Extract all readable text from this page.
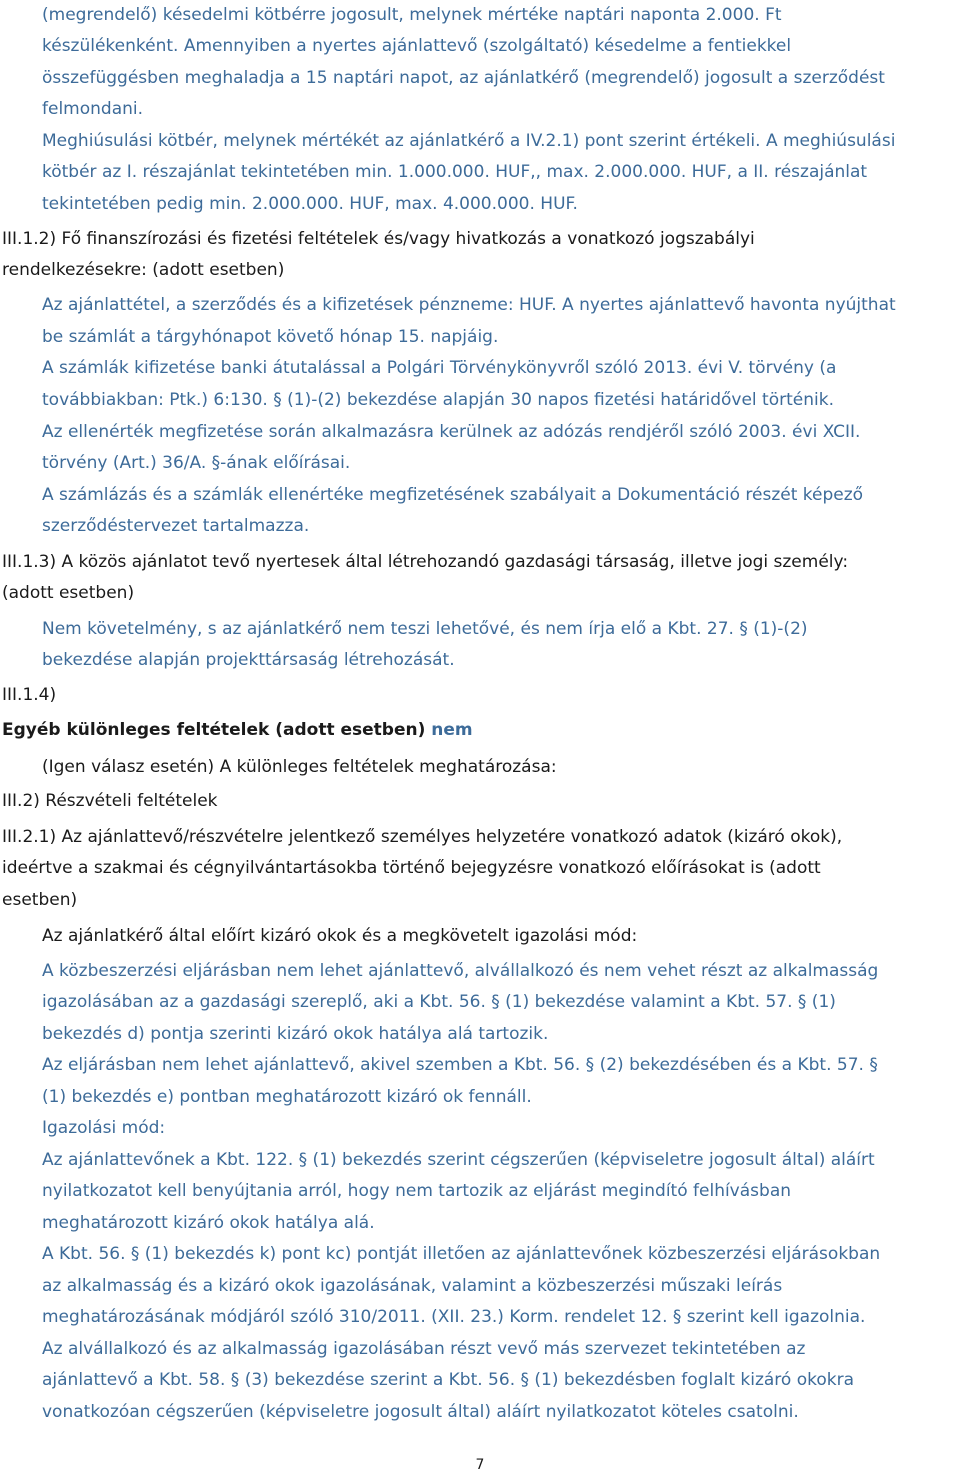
(megrendelő) késedelmi kötbérre jogosult, melynek mértéke naptári naponta 2.000. Ft
készülékenként. Amennyiben a nyertes ajánlattevő (szolgáltató) késedelme a fentiekkel
összefüggésben meghaladja a 15 naptári napot, az ajánlatkérő (megrendelő) jogosult a szerződést
felmondani.
Meghiúsulási kötbér, melynek mértékét az ajánlatkérő a IV.2.1) pont szerint értékeli. A meghiúsulási
kötbér az I. részajánlat tekintetében min. 1.000.000. HUF,, max. 2.000.000. HUF, a II. részajánlat
tekintetében pedig min. 2.000.000. HUF, max. 4.000.000. HUF.
III.1.2) Fő finanszírozási és fizetési feltételek és/vagy hivatkozás a vonatkozó jogszabályi
rendelkezésekre: (adott esetben)
Az ajánlattétel, a szerződés és a kifizetések pénzneme: HUF. A nyertes ajánlattevő havonta nyújthat
be számlát a tárgyhónapot követő hónap 15. napjáig.
A számlák kifizetése banki átutalással a Polgári Törvénykönyvről szóló 2013. évi V. törvény (a
továbbiakban: Ptk.) 6:130. § (1)-(2) bekezdése alapján 30 napos fizetési határidővel történik.
Az ellenérték megfizetése során alkalmazásra kerülnek az adózás rendjéről szóló 2003. évi XCII.
törvény (Art.) 36/A. §-ának előírásai.
A számlázás és a számlák ellenértéke megfizetésének szabályait a Dokumentáció részét képező
szerződéstervezet tartalmazza.
III.1.3) A közös ajánlatot tevő nyertesek által létrehozandó gazdasági társaság, illetve jogi személy:
(adott esetben)
Nem követelmény, s az ajánlatkérő nem teszi lehetővé, és nem írja elő a Kbt. 27. § (1)-(2)
bekezdése alapján projekttársaság létrehozását.
III.1.4)
Egyéb különleges feltételek (adott esetben) nem
(Igen válasz esetén) A különleges feltételek meghatározása:
III.2) Részvételi feltételek
III.2.1) Az ajánlattevő/részvételre jelentkező személyes helyzetére vonatkozó adatok (kizáró okok),
ideértve a szakmai és cégnyilvántartásokba történő bejegyzésre vonatkozó előírásokat is (adott
esetben)
Az ajánlatkérő által előírt kizáró okok és a megkövetelt igazolási mód:
A közbeszerzési eljárásban nem lehet ajánlattevő, alvállalkozó és nem vehet részt az alkalmasság
igazolásában az a gazdasági szereplő, aki a Kbt. 56. § (1) bekezdése valamint a Kbt. 57. § (1)
bekezdés d) pontja szerinti kizáró okok hatálya alá tartozik.
Az eljárásban nem lehet ajánlattevő, akivel szemben a Kbt. 56. § (2) bekezdésében és a Kbt. 57. §
(1) bekezdés e) pontban meghatározott kizáró ok fennáll.
Igazolási mód:
Az ajánlattevőnek a Kbt. 122. § (1) bekezdés szerint cégszerűen (képviseletre jogosult által) aláírt
nyilatkozatot kell benyújtania arról, hogy nem tartozik az eljárást megindító felhívásban
meghatározott kizáró okok hatálya alá.
A Kbt. 56. § (1) bekezdés k) pont kc) pontját illetően az ajánlattevőnek közbeszerzési eljárásokban
az alkalmasság és a kizáró okok igazolásának, valamint a közbeszerzési műszaki leírás
meghatározásának módjáról szóló 310/2011. (XII. 23.) Korm. rendelet 12. § szerint kell igazolnia.
Az alvállalkozó és az alkalmasság igazolásában részt vevő más szervezet tekintetében az
ajánlattevő a Kbt. 58. § (3) bekezdése szerint a Kbt. 56. § (1) bekezdésben foglalt kizáró okokra
vonatkozóan cégszerűen (képviseletre jogosult által) aláírt nyilatkozatot köteles csatolni.
7
